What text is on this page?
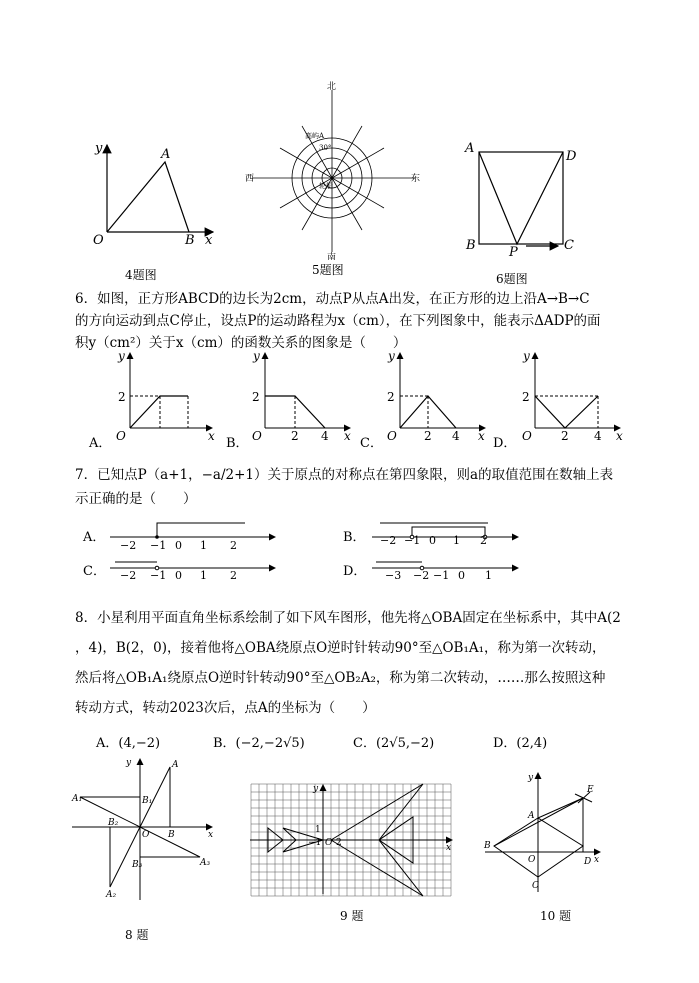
y	A
O	B x
4题图
北
南
西	东
高屿A
30°
轮船
5题图
A
D
B	P	C
6题图
6．如图，正方形ABCD的边长为2cm，动点P从点A出发，在正方形的边上沿A→B→C
的方向运动到点C停止，设点P的运动路程为x（cm），在下列图象中，能表示ΔADP的面
积y（cm²）关于x（cm）的函数关系的图象是（　　）
y
2
O	x
y
2
O 2 4 x
y
2
O 2 4 x
y
2
O 2 4 x
A．	B．	C．	D．
7．已知点P（a+1，−a/2+1）关于原点的对称点在第四象限，则a的取值范围在数轴上表
示正确的是（　　）
−2 −1 0 1 2	−2 −1 0 1 2
−2 −1 0 1 2	−3 −2 −1 0 1
A．	B．
C．	D．
8．小星利用平面直角坐标系绘制了如下风车图形，他先将△OBA固定在坐标系中，其中A(2
，4)，B(2，0)，接着他将△OBA绕原点O逆时针转动90°至△OB₁A₁，称为第一次转动，
然后将△OB₁A₁绕原点O逆时针转动90°至△OB₂A₂，称为第二次转动，……那么按照这种
转动方式，转动2023次后，点A的坐标为（　　）
A．(4,−2)	B．(−2,−2√5)	C．(2√5,−2)	D．(2,4)
y
x
O
A
B
A₁	B₁
A₂
B₂
A₃
B₃
8 题
y
x
1
−1 O 2
9 题
y
x
E
A
B
O	D
C
10 题
